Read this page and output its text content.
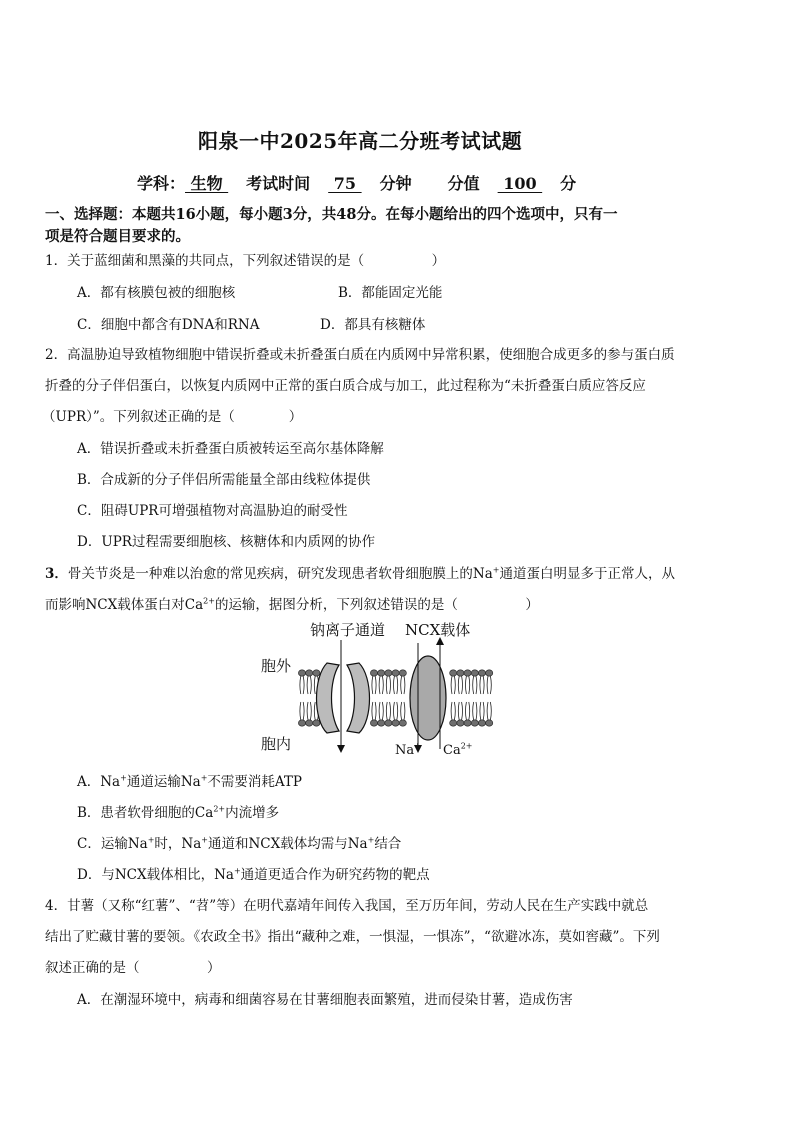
阳泉一中2025年高二分班考试试题
学科： 生物 考试时间 75 分钟 分值 100 分
一、选择题：本题共16小题，每小题3分，共48分。在每小题给出的四个选项中，只有一
项是符合题目要求的。
1．关于蓝细菌和黑藻的共同点，下列叙述错误的是（　　　　　）
A．都有核膜包被的细胞核	B．都能固定光能
C．细胞中都含有DNA和RNA	D．都具有核糖体
2．高温胁迫导致植物细胞中错误折叠或未折叠蛋白质在内质网中异常积累，使细胞合成更多的参与蛋白质
折叠的分子伴侣蛋白，以恢复内质网中正常的蛋白质合成与加工，此过程称为“未折叠蛋白质应答反应
（UPR）”。下列叙述正确的是（　　　　）
A．错误折叠或未折叠蛋白质被转运至高尔基体降解
B．合成新的分子伴侣所需能量全部由线粒体提供
C．阻碍UPR可增强植物对高温胁迫的耐受性
D．UPR过程需要细胞核、核糖体和内质网的协作
3．骨关节炎是一种难以治愈的常见疾病，研究发现患者软骨细胞膜上的Na+通道蛋白明显多于正常人，从
而影响NCX载体蛋白对$Ca^{2+}$的运输，据图分析，下列叙述错误的是（　　　　　）
钠离子通道 NCX载体
胞外
胞内	Na+ $Ca^{2+}$
A．Na+通道运输Na+不需要消耗ATP
B．患者软骨细胞的$Ca^{2+}$内流增多
C．运输Na+时，Na+通道和NCX载体均需与Na+结合
D．与NCX载体相比，Na+通道更适合作为研究药物的靶点
4．甘薯（又称“红薯”、“苕”等）在明代嘉靖年间传入我国，至万历年间，劳动人民在生产实践中就总
结出了贮藏甘薯的要领。《农政全书》指出“藏种之难，一惧湿，一惧冻”，“欲避冰冻，莫如窖藏”。下列
叙述正确的是（　　　　　）
A．在潮湿环境中，病毒和细菌容易在甘薯细胞表面繁殖，进而侵染甘薯，造成伤害
